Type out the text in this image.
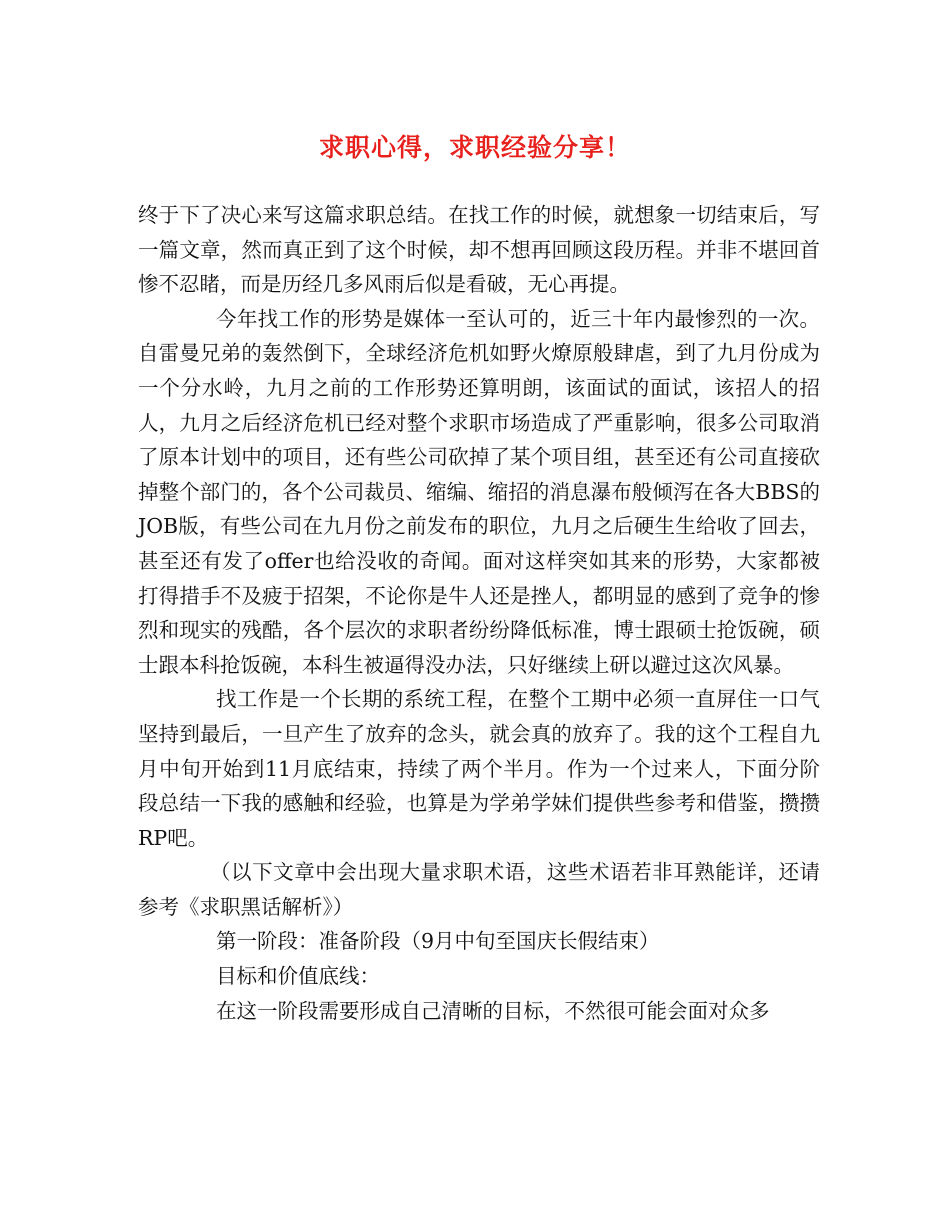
求职心得，求职经验分享！

终于下了决心来写这篇求职总结。在找工作的时候，就想象一切结束后，写一篇文章，然而真正到了这个时候，却不想再回顾这段历程。并非不堪回首惨不忍睹，而是历经几多风雨后似是看破，无心再提。

今年找工作的形势是媒体一至认可的，近三十年内最惨烈的一次。自雷曼兄弟的轰然倒下，全球经济危机如野火燎原般肆虐，到了九月份成为一个分水岭，九月之前的工作形势还算明朗，该面试的面试，该招人的招人，九月之后经济危机已经对整个求职市场造成了严重影响，很多公司取消了原本计划中的项目，还有些公司砍掉了某个项目组，甚至还有公司直接砍掉整个部门的，各个公司裁员、缩编、缩招的消息瀑布般倾泻在各大BBS的JOB版，有些公司在九月份之前发布的职位，九月之后硬生生给收了回去，甚至还有发了offer也给没收的奇闻。面对这样突如其来的形势，大家都被打得措手不及疲于招架，不论你是牛人还是挫人，都明显的感到了竞争的惨烈和现实的残酷，各个层次的求职者纷纷降低标准，博士跟硕士抢饭碗，硕士跟本科抢饭碗，本科生被逼得没办法，只好继续上研以避过这次风暴。

找工作是一个长期的系统工程，在整个工期中必须一直屏住一口气坚持到最后，一旦产生了放弃的念头，就会真的放弃了。我的这个工程自九月中旬开始到11月底结束，持续了两个半月。作为一个过来人，下面分阶段总结一下我的感触和经验，也算是为学弟学妹们提供些参考和借鉴，攒攒RP吧。

（以下文章中会出现大量求职术语，这些术语若非耳熟能详，还请参考《求职黑话解析》）

第一阶段：准备阶段（9月中旬至国庆长假结束）

目标和价值底线：

在这一阶段需要形成自己清晰的目标，不然很可能会面对众多
